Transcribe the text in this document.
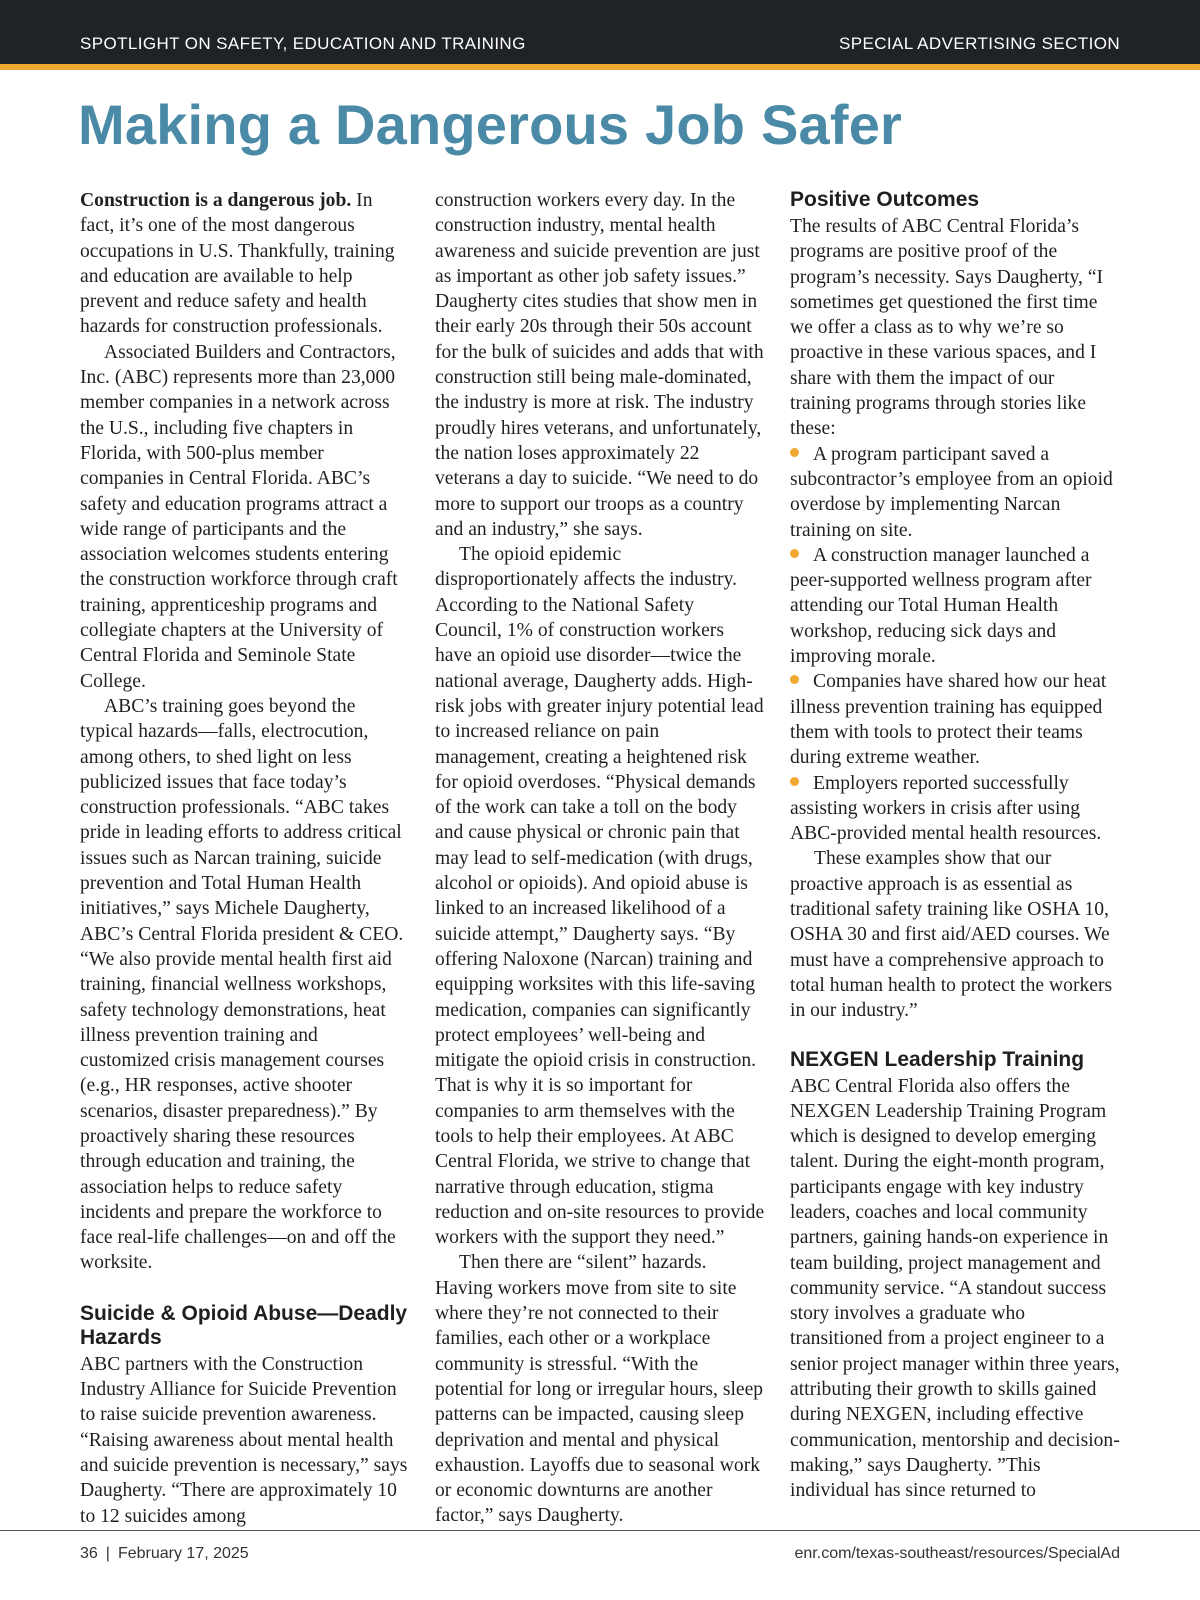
SPOTLIGHT ON SAFETY, EDUCATION AND TRAINING	SPECIAL ADVERTISING SECTION
Making a Dangerous Job Safer

Construction is a dangerous job. In fact, it’s one of the most dangerous occupations in U.S. Thankfully, training and education are available to help prevent and reduce safety and health hazards for construction professionals.

Associated Builders and Contractors, Inc. (ABC) represents more than 23,000 member companies in a network across the U.S., including five chapters in Florida, with 500-plus member companies in Central Florida. ABC’s safety and education programs attract a wide range of participants and the association welcomes students entering the construction workforce through craft training, apprenticeship programs and collegiate chapters at the University of Central Florida and Seminole State College.

ABC’s training goes beyond the typical hazards—falls, electrocution, among others, to shed light on less publicized issues that face today’s construction professionals. “ABC takes pride in leading efforts to address critical issues such as Narcan training, suicide prevention and Total Human Health initiatives,” says Michele Daugherty, ABC’s Central Florida president & CEO. “We also provide mental health first aid training, financial wellness workshops, safety technology demonstrations, heat illness prevention training and customized crisis management courses (e.g., HR responses, active shooter scenarios, disaster preparedness).” By proactively sharing these resources through education and training, the association helps to reduce safety incidents and prepare the workforce to face real-life challenges—on and off the worksite.

Suicide & Opioid Abuse—Deadly Hazards

ABC partners with the Construction Industry Alliance for Suicide Prevention to raise suicide prevention awareness. “Raising awareness about mental health and suicide prevention is necessary,” says Daugherty. “There are approximately 10 to 12 suicides among

construction workers every day. In the construction industry, mental health awareness and suicide prevention are just as important as other job safety issues.” Daugherty cites studies that show men in their early 20s through their 50s account for the bulk of suicides and adds that with construction still being male-dominated, the industry is more at risk. The industry proudly hires veterans, and unfortunately, the nation loses approximately 22 veterans a day to suicide. “We need to do more to support our troops as a country and an industry,” she says.

The opioid epidemic disproportionately affects the industry. According to the National Safety Council, 1% of construction workers have an opioid use disorder—twice the national average, Daugherty adds. High-risk jobs with greater injury potential lead to increased reliance on pain management, creating a heightened risk for opioid overdoses. “Physical demands of the work can take a toll on the body and cause physical or chronic pain that may lead to self-medication (with drugs, alcohol or opioids). And opioid abuse is linked to an increased likelihood of a suicide attempt,” Daugherty says. “By offering Naloxone (Narcan) training and equipping worksites with this life-saving medication, companies can significantly protect employees’ well-being and mitigate the opioid crisis in construction. That is why it is so important for companies to arm themselves with the tools to help their employees. At ABC Central Florida, we strive to change that narrative through education, stigma reduction and on-site resources to provide workers with the support they need.”

Then there are “silent” hazards. Having workers move from site to site where they’re not connected to their families, each other or a workplace community is stressful. “With the potential for long or irregular hours, sleep patterns can be impacted, causing sleep deprivation and mental and physical exhaustion. Layoffs due to seasonal work or economic downturns are another factor,” says Daugherty.

Positive Outcomes

The results of ABC Central Florida’s programs are positive proof of the program’s necessity. Says Daugherty, “I sometimes get questioned the first time we offer a class as to why we’re so proactive in these various spaces, and I share with them the impact of our training programs through stories like these:

A program participant saved a subcontractor’s employee from an opioid overdose by implementing Narcan training on site.

A construction manager launched a peer-supported wellness program after attending our Total Human Health workshop, reducing sick days and improving morale.

Companies have shared how our heat illness prevention training has equipped them with tools to protect their teams during extreme weather.

Employers reported successfully assisting workers in crisis after using ABC-provided mental health resources.

These examples show that our proactive approach is as essential as traditional safety training like OSHA 10, OSHA 30 and first aid/AED courses. We must have a comprehensive approach to total human health to protect the workers in our industry.”

NEXGEN Leadership Training

ABC Central Florida also offers the NEXGEN Leadership Training Program which is designed to develop emerging talent. During the eight-month program, participants engage with key industry leaders, coaches and local community partners, gaining hands-on experience in team building, project management and community service. “A standout success story involves a graduate who transitioned from a project engineer to a senior project manager within three years, attributing their growth to skills gained during NEXGEN, including effective communication, mentorship and decision-making,” says Daugherty. ”This individual has since returned to

36 | February 17, 2025	enr.com/texas-southeast/resources/SpecialAd
